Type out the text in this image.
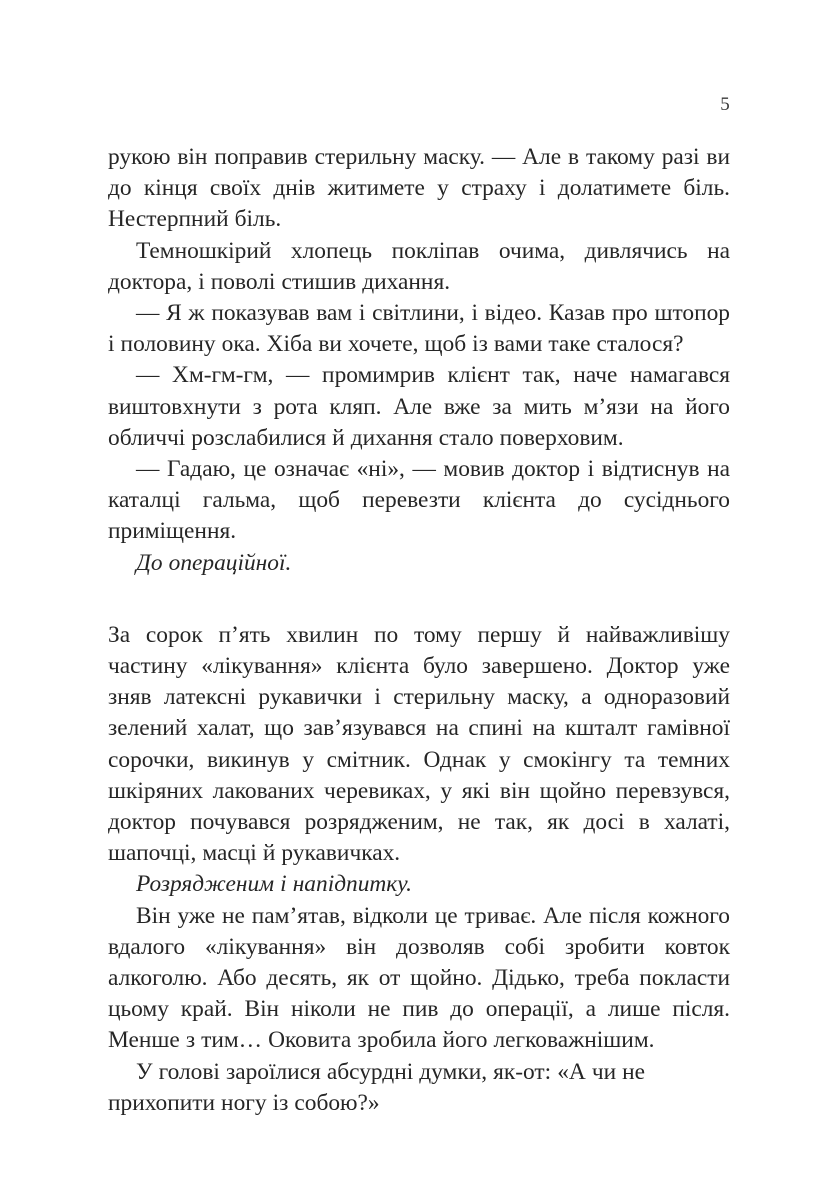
5

рукою він поправив стерильну маску. — Але в такому разі ви до кінця своїх днів житимете у страху і долатимете біль. Нестерпний біль.

Темношкірий хлопець покліпав очима, дивлячись на доктора, і поволі стишив дихання.

— Я ж показував вам і світлини, і відео. Казав про штопор і половину ока. Хіба ви хочете, щоб із вами таке сталося?

— Хм-гм-гм, — промимрив клієнт так, наче намагався виштовхнути з рота кляп. Але вже за мить м’язи на його обличчі розслабилися й дихання стало поверховим.

— Гадаю, це означає «ні», — мовив доктор і відтиснув на каталці гальма, щоб перевезти клієнта до сусіднього приміщення.

До операційної.

За сорок п’ять хвилин по тому першу й найважливішу частину «лікування» клієнта було завершено. Доктор уже зняв латексні рукавички і стерильну маску, а одноразовий зелений халат, що зав’язувався на спині на кшталт гамівної сорочки, викинув у смітник. Однак у смокінгу та темних шкіряних лакованих черевиках, у які він щойно перевзувся, доктор почувався розрядженим, не так, як досі в халаті, шапочці, масці й рукавичках.

Розрядженим і напідпитку.

Він уже не пам’ятав, відколи це триває. Але після кожного вдалого «лікування» він дозволяв собі зробити ковток алкоголю. Або десять, як от щойно. Дідько, треба покласти цьому край. Він ніколи не пив до операції, а лише після. Менше з тим… Оковита зробила його легковажнішим.

У голові зароїлися абсурдні думки, як-от: «А чи не прихопити ногу із собою?»
